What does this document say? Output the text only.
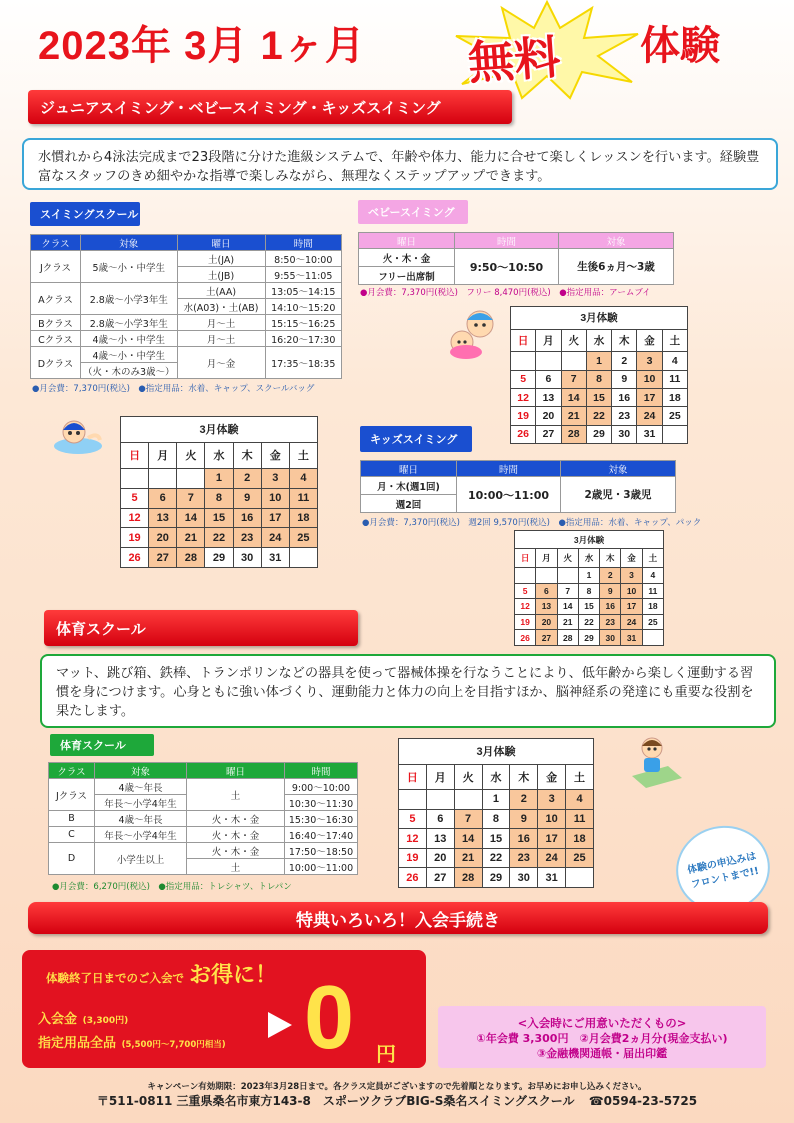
2023年 3月 1ヶ月 無料 体験
ジュニアスイミング・ベビースイミング・キッズスイミング
水慣れから4泳法完成まで23段階に分けた進級システムで、年齢や体力、能力に合せて楽しくレッスンを行います。経験豊富なスタッフのきめ細やかな指導で楽しみながら、無理なくステップアップできます。
スイミングスクール
クラス	対象	曜日	時間
Jクラス	5歳～小・中学生	土(JA)	8:50～10:00
		土(JB)	9:55～11:05
Aクラス	2.8歳～小学3年生	土(AA)	13:05～14:15
		水(A03)・土(AB)	14:10～15:20
Bクラス	2.8歳～小学3年生	月～土	15:15～16:25
Cクラス	4歳～小・中学生	月～土	16:20～17:30
Dクラス	4歳～小・中学生	月～金	17:35～18:35
	（火・木のみ3歳～）		
●月会費：7,370円(税込)　●指定用品：水着、キャップ、スクールバッグ
3月体験						
日	月	火	水	木	金	土
			1	2	3	4
5	6	7	8	9	10	11
12	13	14	15	16	17	18
19	20	21	22	23	24	25
26	27	28	29	30	31	
ベビースイミング
曜日	時間	対象
火・木・金	9:50～10:50	生後6ヵ月～3歳
フリー出席制		
●月会費：7,370円(税込)　フリー 8,470円(税込)　●指定用品：アームブイ
3月体験						
日	月	火	水	木	金	土
			1	2	3	4
5	6	7	8	9	10	11
12	13	14	15	16	17	18
19	20	21	22	23	24	25
26	27	28	29	30	31	
キッズスイミング
曜日	時間	対象
月・木(週1回)	10:00～11:00	2歳児・3歳児
週2回		
●月会費：7,370円(税込)　週2回 9,570円(税込)　●指定用品：水着、キャップ、パック
3月体験						
日	月	火	水	木	金	土
			1	2	3	4
5	6	7	8	9	10	11
12	13	14	15	16	17	18
19	20	21	22	23	24	25
26	27	28	29	30	31	
体育スクール
マット、跳び箱、鉄棒、トランポリンなどの器具を使って器械体操を行なうことにより、低年齢から楽しく運動する習慣を身につけます。心身ともに強い体づくり、運動能力と体力の向上を目指すほか、脳神経系の発達にも重要な役割を果たします。
体育スクール
クラス	対象	曜日	時間
Jクラス	4歳～年長	土	9:00～10:00
	年長～小学4年生		10:30～11:30
B	4歳～年長	火・木・金	15:30～16:30
C	年長～小学4年生	火・木・金	16:40～17:40
D	小学生以上	火・木・金	17:50～18:50
		土	10:00～11:00
●月会費：6,270円(税込)　●指定用品：トレシャツ、トレパン
3月体験						
日	月	火	水	木	金	土
			1	2	3	4
5	6	7	8	9	10	11
12	13	14	15	16	17	18
19	20	21	22	23	24	25
26	27	28	29	30	31	
体験の申込みはフロントまで!!
特典いろいろ！入会手続き
体験終了日までのご入会で お得に！
入会金 (3,300円)
指定用品全品 (5,500円～7,700円相当) 0 円
<入会時にご用意いただくもの>
①年会費 3,300円　②月会費2ヵ月分(現金支払い)
③金融機関通帳・届出印鑑
キャンペーン有効期限：2023年3月28日まで。各クラス定員がございますので先着順となります。お早めにお申し込みください。
〒511-0811 三重県桑名市東方143-8　スポーツクラブBIG-S桑名スイミングスクール ☎0594-23-5725
